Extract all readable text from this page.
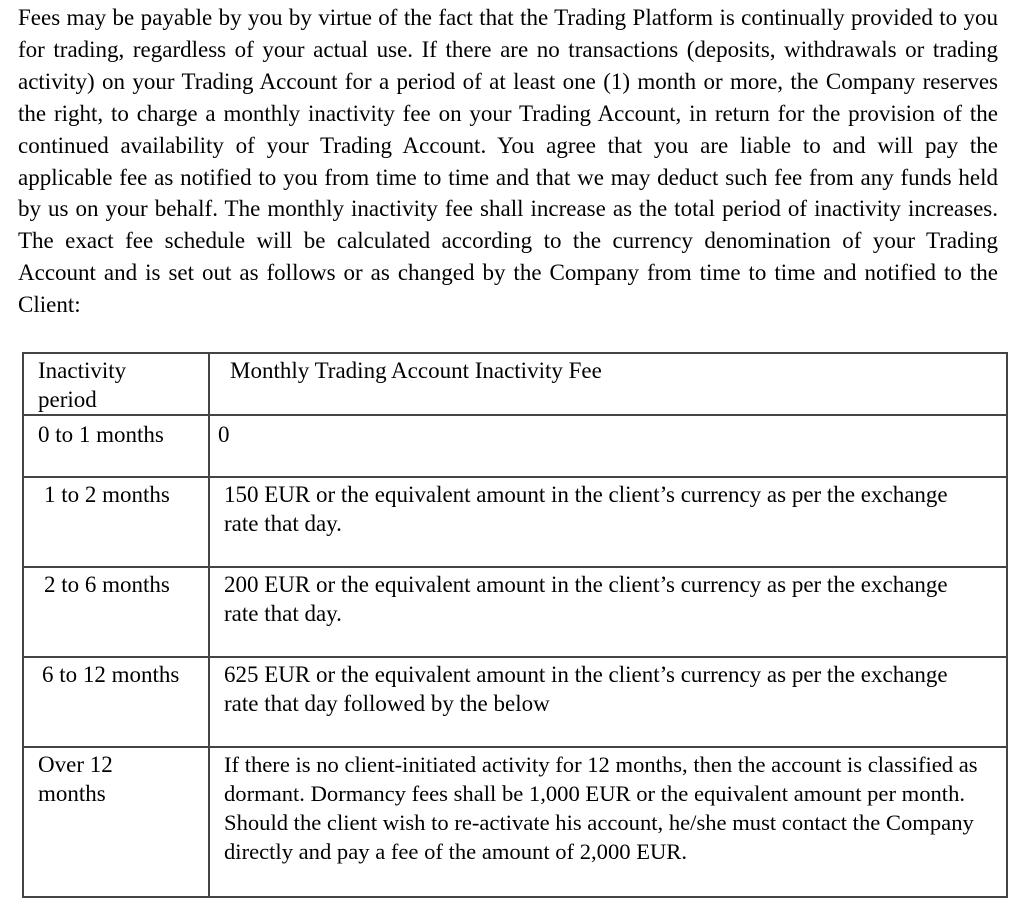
Fees may be payable by you by virtue of the fact that the Trading Platform is continually provided to you for trading, regardless of your actual use. If there are no transactions (deposits, withdrawals or trading activity) on your Trading Account for a period of at least one (1) month or more, the Company reserves the right, to charge a monthly inactivity fee on your Trading Account, in return for the provision of the continued availability of your Trading Account. You agree that you are liable to and will pay the applicable fee as notified to you from time to time and that we may deduct such fee from any funds held by us on your behalf. The monthly inactivity fee shall increase as the total period of inactivity increases. The exact fee schedule will be calculated according to the currency denomination of your Trading Account and is set out as follows or as changed by the Company from time to time and notified to the Client:

Inactivity period	Monthly Trading Account Inactivity Fee
0 to 1 months	0
1 to 2 months	150 EUR or the equivalent amount in the client’s currency as per the exchange rate that day.
2 to 6 months	200 EUR or the equivalent amount in the client’s currency as per the exchange rate that day.
6 to 12 months	625 EUR or the equivalent amount in the client’s currency as per the exchange rate that day followed by the below
Over 12 months	If there is no client-initiated activity for 12 months, then the account is classified as dormant. Dormancy fees shall be 1,000 EUR or the equivalent amount per month. Should the client wish to re-activate his account, he/she must contact the Company directly and pay a fee of the amount of 2,000 EUR.
